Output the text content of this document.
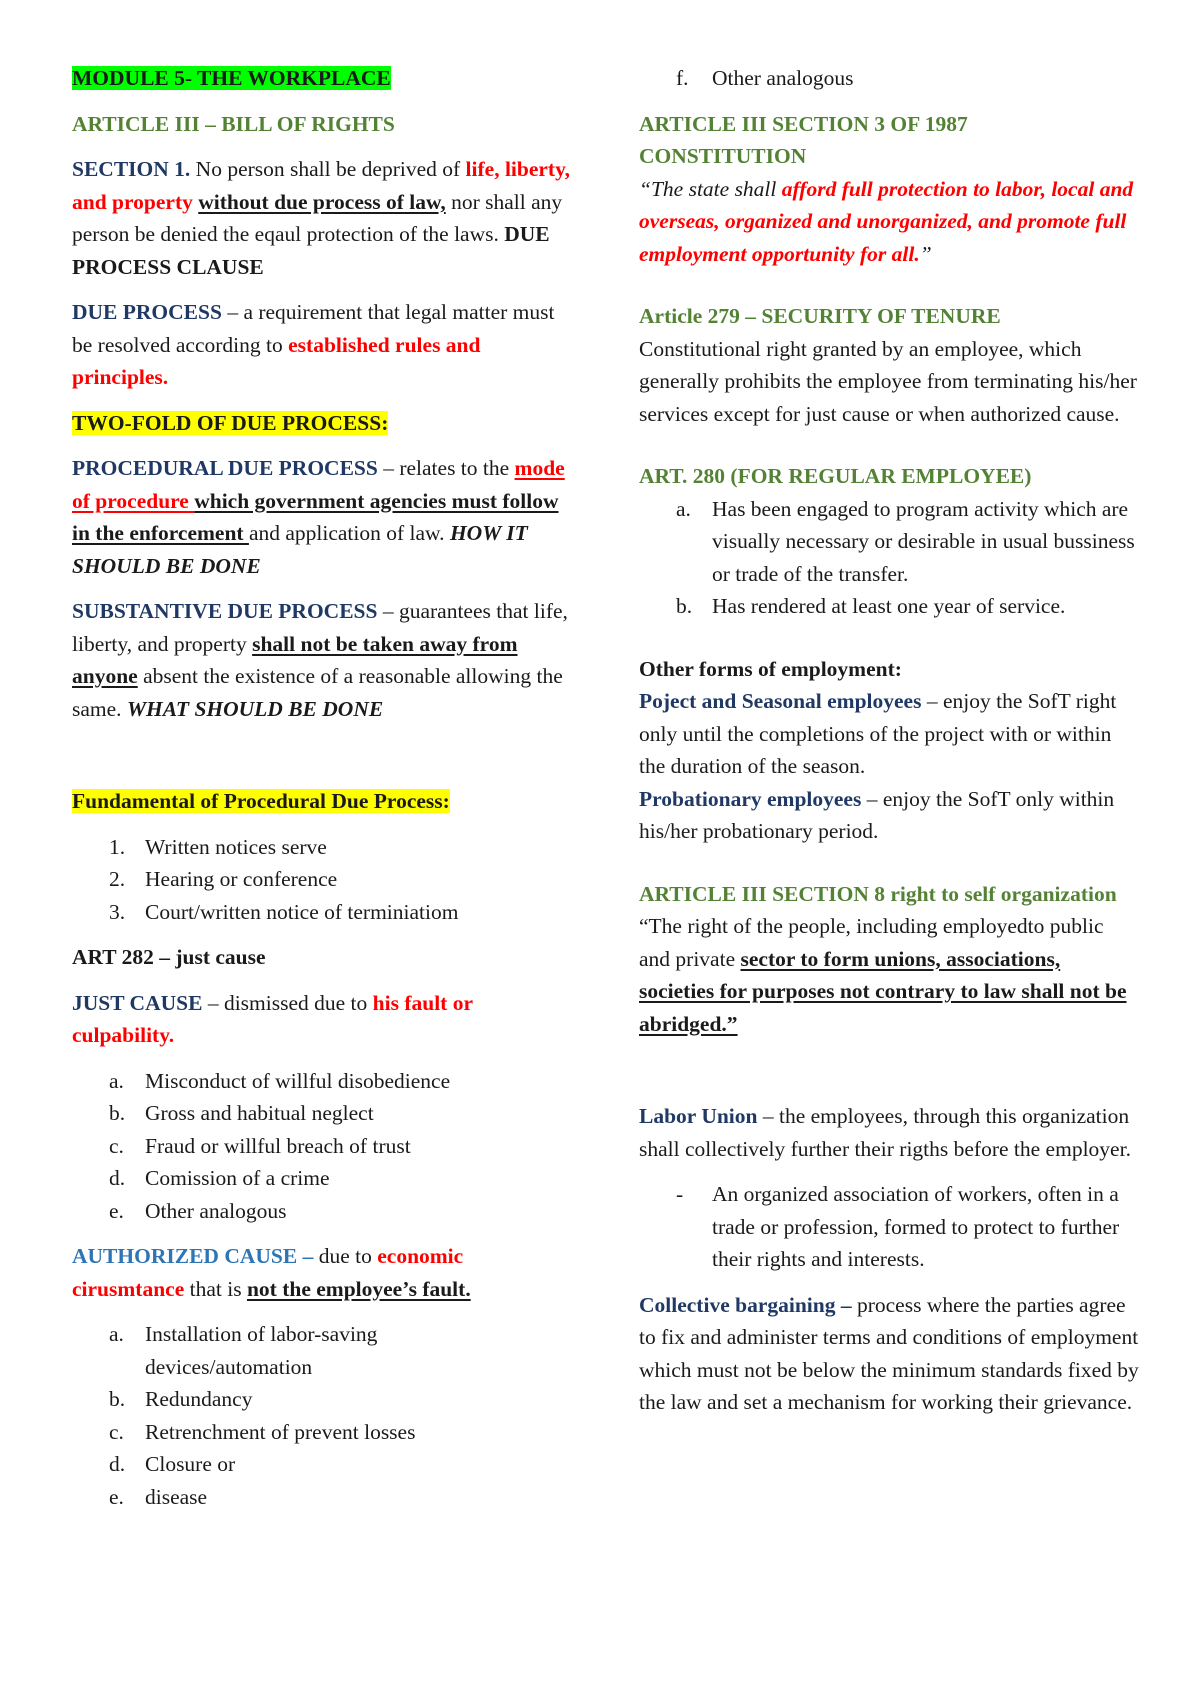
MODULE 5- THE WORKPLACE

ARTICLE III – BILL OF RIGHTS

SECTION 1. No person shall be deprived of life, liberty, and property without due process of law, nor shall any person be denied the eqaul protection of the laws. DUE PROCESS CLAUSE

DUE PROCESS – a requirement that legal matter must be resolved according to established rules and principles.

TWO-FOLD OF DUE PROCESS:

PROCEDURAL DUE PROCESS – relates to the mode of procedure which government agencies must follow in the enforcement and application of law. HOW IT SHOULD BE DONE

SUBSTANTIVE DUE PROCESS – guarantees that life, liberty, and property shall not be taken away from anyone absent the existence of a reasonable allowing the same. WHAT SHOULD BE DONE

Fundamental of Procedural Due Process:

1. Written notices serve
2. Hearing or conference
3. Court/written notice of terminiatiom

ART 282 – just cause

JUST CAUSE – dismissed due to his fault or culpability.

a. Misconduct of willful disobedience
b. Gross and habitual neglect
c. Fraud or willful breach of trust
d. Comission of a crime
e. Other analogous

AUTHORIZED CAUSE – due to economic cirusmtance that is not the employee’s fault.

a. Installation of labor-saving devices/automation
b. Redundancy
c. Retrenchment of prevent losses
d. Closure or
e. disease
f. Other analogous

ARTICLE III SECTION 3 OF 1987 CONSTITUTION

“The state shall afford full protection to labor, local and overseas, organized and unorganized, and promote full employment opportunity for all.”

Article 279 – SECURITY OF TENURE

Constitutional right granted by an employee, which generally prohibits the employee from terminating his/her services except for just cause or when authorized cause.

ART. 280 (FOR REGULAR EMPLOYEE)

a. Has been engaged to program activity which are visually necessary or desirable in usual bussiness or trade of the transfer.
b. Has rendered at least one year of service.

Other forms of employment:

Poject and Seasonal employees – enjoy the SofT right only until the completions of the project with or within the duration of the season.

Probationary employees – enjoy the SofT only within his/her probationary period.

ARTICLE III SECTION 8 right to self organization

“The right of the people, including employedto public and private sector to form unions, associations, societies for purposes not contrary to law shall not be abridged.”

Labor Union – the employees, through this organization shall collectively further their rigths before the employer.

- An organized association of workers, often in a trade or profession, formed to protect to further their rights and interests.

Collective bargaining – process where the parties agree to fix and administer terms and conditions of employment which must not be below the minimum standards fixed by the law and set a mechanism for working their grievance.
